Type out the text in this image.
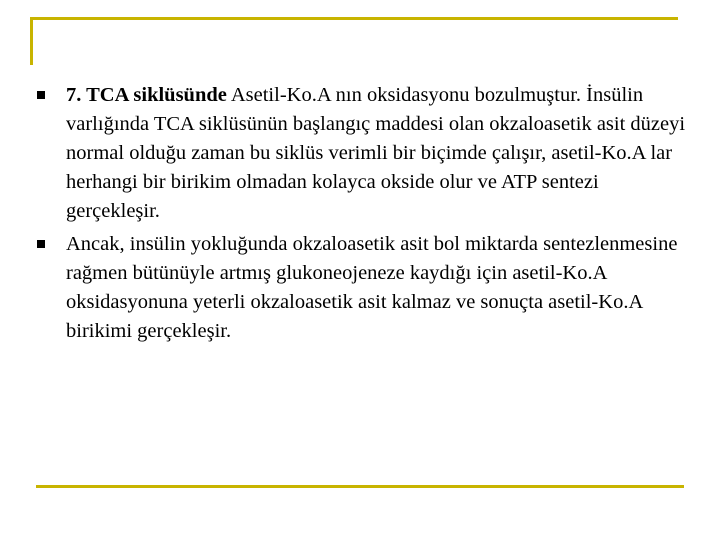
7. TCA siklüsünde Asetil-Ko.A nın oksidasyonu bozulmuştur. İnsülin varlığında TCA siklüsünün başlangıç maddesi olan okzaloasetik asit düzeyi normal olduğu zaman bu siklüs verimli bir biçimde çalışır, asetil-Ko.A lar herhangi bir birikim olmadan kolayca okside olur ve ATP sentezi gerçekleşir.
Ancak, insülin yokluğunda okzaloasetik asit bol miktarda sentezlenmesine rağmen bütünüyle artmış glukoneojeneze kaydığı için asetil-Ko.A oksidasyonuna yeterli okzaloasetik asit kalmaz ve sonuçta asetil-Ko.A birikimi gerçekleşir.
